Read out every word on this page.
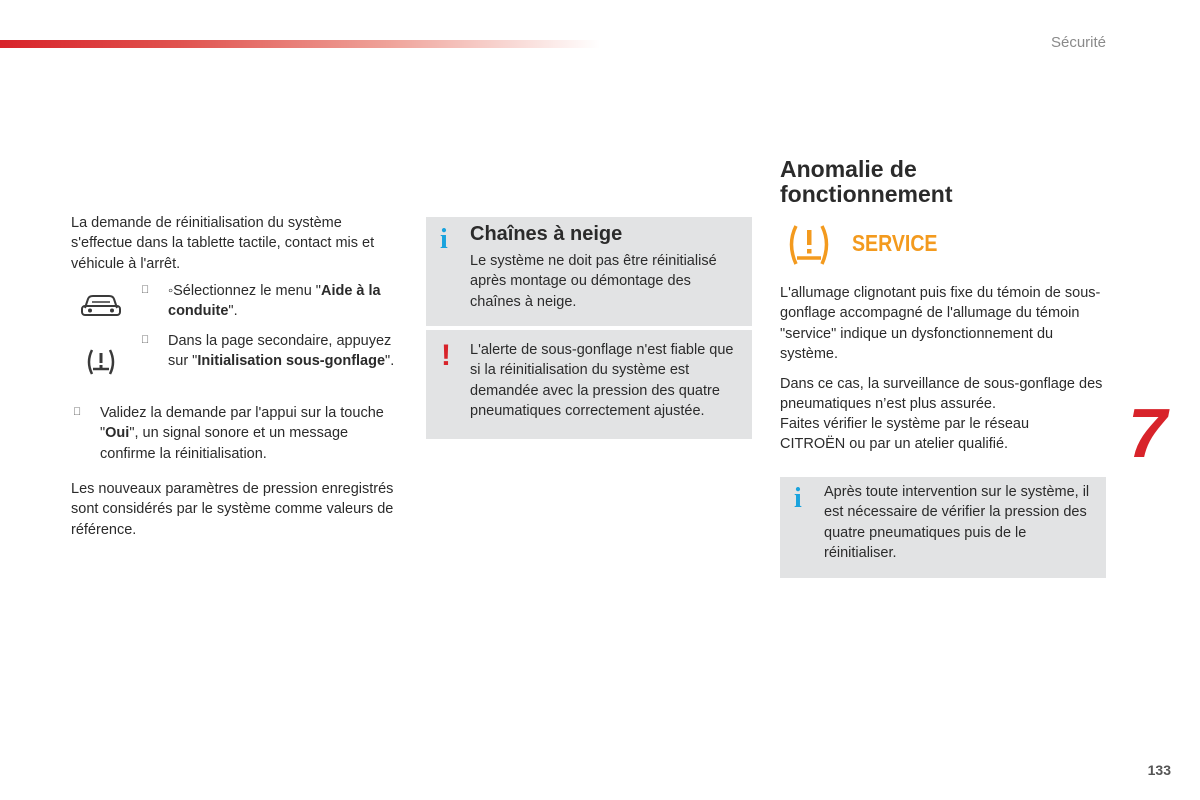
Sécurité

La demande de réinitialisation du système s'effectue dans la tablette tactile, contact mis et véhicule à l'arrêt.

◦Sélectionnez le menu "Aide à la conduite".

Dans la page secondaire, appuyez sur "Initialisation sous-gonflage".

Validez la demande par l'appui sur la touche "Oui", un signal sonore et un message confirme la réinitialisation.

Les nouveaux paramètres de pression enregistrés sont considérés par le système comme valeurs de référence.

i Chaînes à neige

Le système ne doit pas être réinitialisé après montage ou démontage des chaînes à neige.

! L'alerte de sous-gonflage n'est fiable que si la réinitialisation du système est demandée avec la pression des quatre pneumatiques correctement ajustée.

Anomalie de fonctionnement
SERVICE

L'allumage clignotant puis fixe du témoin de sous-gonflage accompagné de l'allumage du témoin "service" indique un dysfonctionnement du système.

Dans ce cas, la surveillance de sous-gonflage des pneumatiques n’est plus assurée.

Faites vérifier le système par le réseau CITROËN ou par un atelier qualifié.

i Après toute intervention sur le système, il est nécessaire de vérifier la pression des quatre pneumatiques puis de le réinitialiser.

7
133
